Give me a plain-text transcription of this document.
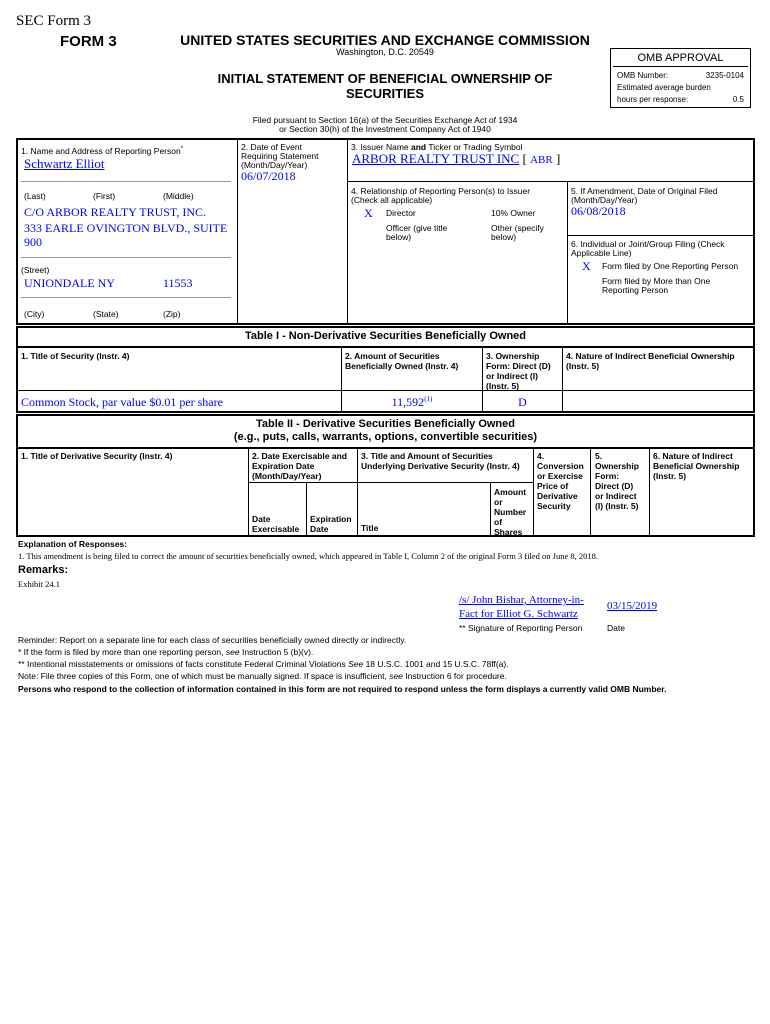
SEC Form 3
FORM 3	UNITED STATES SECURITIES AND EXCHANGE COMMISSION
Washington, D.C. 20549
INITIAL STATEMENT OF BENEFICIAL OWNERSHIP OF
SECURITIES
Filed pursuant to Section 16(a) of the Securities Exchange Act of 1934
or Section 30(h) of the Investment Company Act of 1940
OMB APPROVAL
OMB Number:	3235-0104
Estimated average burden
hours per response:	0.5
1. Name and Address of Reporting Person*
Schwartz Elliot
(Last)	(First)	(Middle)
C/O ARBOR REALTY TRUST, INC.
333 EARLE OVINGTON BLVD., SUITE
900
(Street)
UNIONDALE NY	11553
(City)	(State)	(Zip)
2. Date of Event
Requiring Statement
(Month/Day/Year)
06/07/2018
3. Issuer Name and Ticker or Trading Symbol
ARBOR REALTY TRUST INC [ ABR ]
4. Relationship of Reporting Person(s) to Issuer
(Check all applicable)
X Director	10% Owner
Officer (give title
below)
Other (specify
below)
5. If Amendment, Date of Original Filed
(Month/Day/Year)
06/08/2018
6. Individual or Joint/Group Filing (Check
Applicable Line)
X Form filed by One Reporting Person
Form filed by More than One
Reporting Person
Table I - Non-Derivative Securities Beneficially Owned
1. Title of Security (Instr. 4)	2. Amount of Securities
Beneficially Owned (Instr. 4)
3. Ownership
Form: Direct (D)
or Indirect (I)
(Instr. 5)
4. Nature of Indirect Beneficial Ownership
(Instr. 5)
Common Stock, par value $0.01 per share	11,592$^{(1)}$	D
Table II - Derivative Securities Beneficially Owned
(e.g., puts, calls, warrants, options, convertible securities)
1. Title of Derivative Security (Instr. 4)	2. Date Exercisable and
Expiration Date
(Month/Day/Year)
3. Title and Amount of Securities
Underlying Derivative Security (Instr. 4)
4.
Conversion
or Exercise
Price of
Derivative
Security
5.
Ownership
Form:
Direct (D)
or Indirect
(I) (Instr. 5)
6. Nature of Indirect
Beneficial Ownership
(Instr. 5)
Date
Exercisable
Expiration
Date	Title
Amount
or
Number
of
Shares
Explanation of Responses:
1. This amendment is being filed to correct the amount of securities beneficially owned, which appeared in Table I, Column 2 of the original Form 3 filed on June 8, 2018.
Remarks:
Exhibit 24.1
/s/ John Bishar, Attorney-in-
Fact for Elliot G. Schwartz
03/15/2019
** Signature of Reporting Person	Date
Reminder: Report on a separate line for each class of securities beneficially owned directly or indirectly.
* If the form is filed by more than one reporting person, see Instruction 5 (b)(v).
** Intentional misstatements or omissions of facts constitute Federal Criminal Violations See 18 U.S.C. 1001 and 15 U.S.C. 78ff(a).
Note: File three copies of this Form, one of which must be manually signed. If space is insufficient, see Instruction 6 for procedure.
Persons who respond to the collection of information contained in this form are not required to respond unless the form displays a currently valid OMB Number.
